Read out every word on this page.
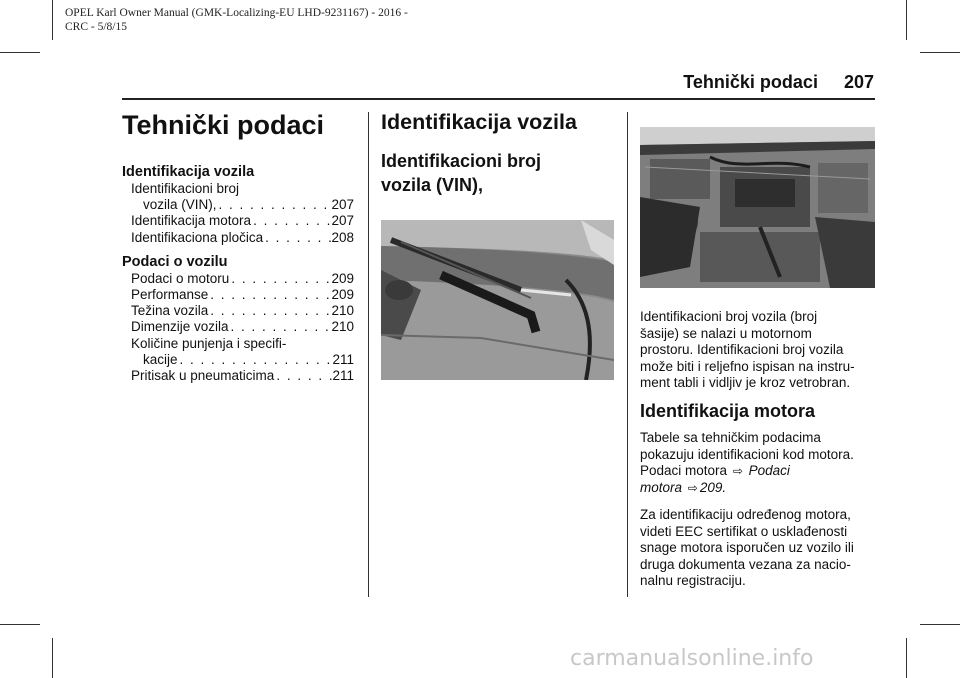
OPEL Karl Owner Manual (GMK-Localizing-EU LHD-9231167) - 2016 -
CRC - 5/8/15
Tehnički podaci 207
Tehnički podaci
Identifikacija vozila
Identifikacioni broj
vozila (VIN), . . .	207
Identifikacija motora . . .	207
Identifikaciona pločica . . .	208
Podaci o vozilu
Podaci o motoru . . .	209
Performanse . . .	209
Težina vozila . . .	210
Dimenzije vozila . . .	210
Količine punjenja i specifi-
kacije . . .	211
Pritisak u pneumaticima . . .	211
Identifikacija vozila
Identifikacioni broj
vozila (VIN),
Identifikacioni broj vozila (broj
šasije) se nalazi u motornom
prostoru. Identifikacioni broj vozila
može biti i reljefno ispisan na instru-
ment tabli i vidljiv je kroz vetrobran.
Identifikacija motora
Tabele sa tehničkim podacima
pokazuju identifikacioni kod motora.
Podaci motora ⇨ Podaci
motora ⇨ 209.
Za identifikaciju određenog motora,
videti EEC sertifikat o usklađenosti
snage motora isporučen uz vozilo ili
druga dokumenta vezana za nacio-
nalnu registraciju.
carmanualsonline.info
